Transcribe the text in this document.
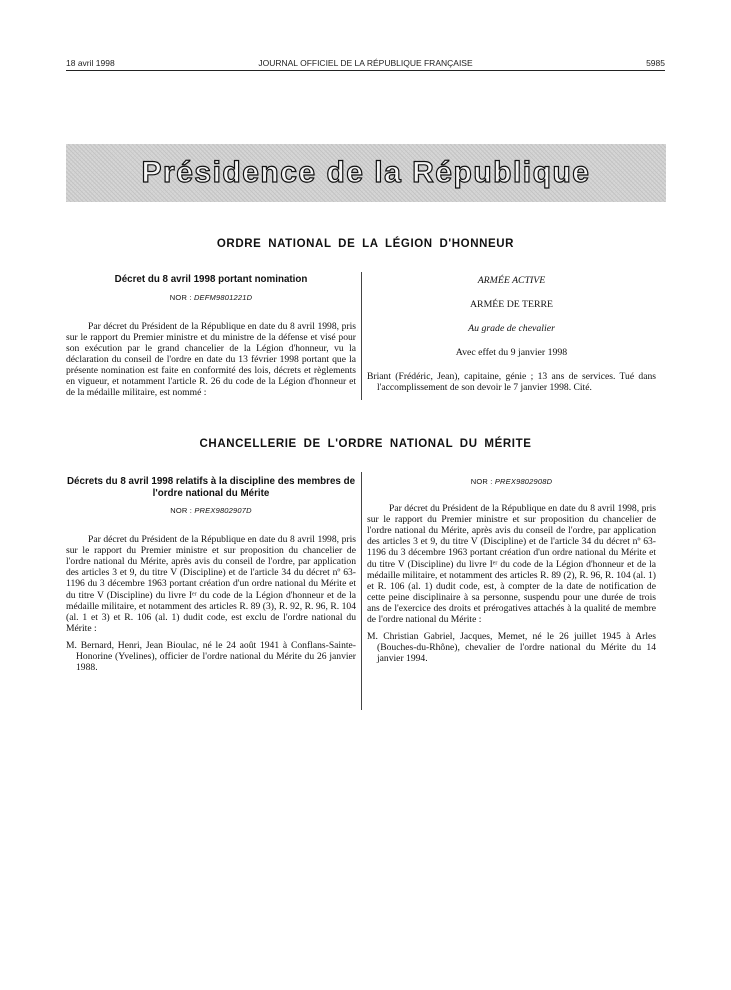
18 avril 1998	JOURNAL OFFICIEL DE LA RÉPUBLIQUE FRANÇAISE	5985
Présidence de la République
ORDRE NATIONAL DE LA LÉGION D'HONNEUR

Décret du 8 avril 1998 portant nomination

NOR : DEFM9801221D

Par décret du Président de la République en date du 8 avril 1998, pris sur le rapport du Premier ministre et du ministre de la défense et visé pour son exécution par le grand chancelier de la Légion d'honneur, vu la déclaration du conseil de l'ordre en date du 13 février 1998 portant que la présente nomination est faite en conformité des lois, décrets et règlements en vigueur, et notamment l'article R. 26 du code de la Légion d'honneur et de la médaille militaire, est nommé :

ARMÉE ACTIVE

ARMÉE DE TERRE

Au grade de chevalier

Avec effet du 9 janvier 1998

Briant (Frédéric, Jean), capitaine, génie ; 13 ans de services. Tué dans l'accomplissement de son devoir le 7 janvier 1998. Cité.

CHANCELLERIE DE L'ORDRE NATIONAL DU MÉRITE

Décrets du 8 avril 1998 relatifs à la discipline des membres de l'ordre national du Mérite

NOR : PREX9802907D

Par décret du Président de la République en date du 8 avril 1998, pris sur le rapport du Premier ministre et sur proposition du chancelier de l'ordre national du Mérite, après avis du conseil de l'ordre, par application des articles 3 et 9, du titre V (Discipline) et de l'article 34 du décret nº 63-1196 du 3 décembre 1963 portant création d'un ordre national du Mérite et du titre V (Discipline) du livre Iᵉʳ du code de la Légion d'honneur et de la médaille militaire, et notamment des articles R. 89 (3), R. 92, R. 96, R. 104 (al. 1 et 3) et R. 106 (al. 1) dudit code, est exclu de l'ordre national du Mérite :

M. Bernard, Henri, Jean Bioulac, né le 24 août 1941 à Conflans-Sainte-Honorine (Yvelines), officier de l'ordre national du Mérite du 26 janvier 1988.

NOR : PREX9802908D

Par décret du Président de la République en date du 8 avril 1998, pris sur le rapport du Premier ministre et sur proposition du chancelier de l'ordre national du Mérite, après avis du conseil de l'ordre, par application des articles 3 et 9, du titre V (Discipline) et de l'article 34 du décret nº 63-1196 du 3 décembre 1963 portant création d'un ordre national du Mérite et du titre V (Discipline) du livre Iᵉʳ du code de la Légion d'honneur et de la médaille militaire, et notamment des articles R. 89 (2), R. 96, R. 104 (al. 1) et R. 106 (al. 1) dudit code, est, à compter de la date de notification de cette peine disciplinaire à sa personne, suspendu pour une durée de trois ans de l'exercice des droits et prérogatives attachés à la qualité de membre de l'ordre national du Mérite :

M. Christian Gabriel, Jacques, Memet, né le 26 juillet 1945 à Arles (Bouches-du-Rhône), chevalier de l'ordre national du Mérite du 14 janvier 1994.
